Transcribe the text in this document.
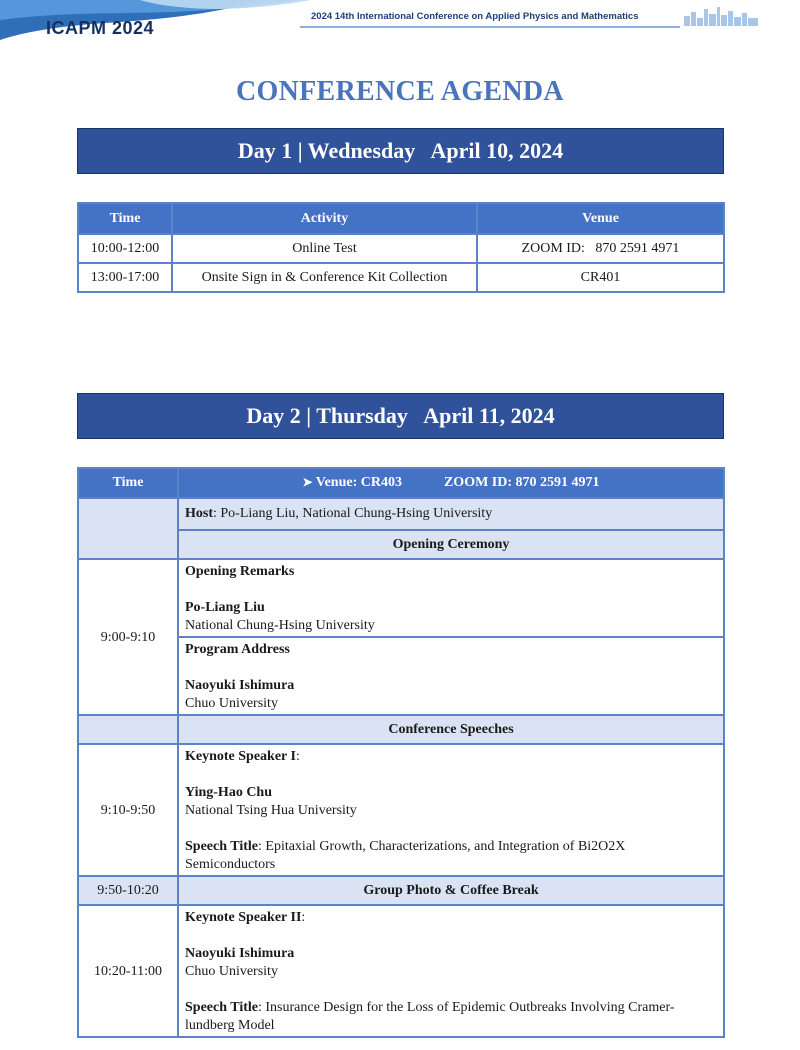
ICAPM 2024
2024 14th International Conference on Applied Physics and Mathematics
CONFERENCE AGENDA
Day 1 | Wednesday   April 10, 2024
Time	Activity	Venue
10:00-12:00	Online Test	ZOOM ID:   870 2591 4971
13:00-17:00	Onsite Sign in & Conference Kit Collection	CR401
Day 2 | Thursday   April 11, 2024
Time	➤ Venue: CR403            ZOOM ID: 870 2591 4971
	Host: Po-Liang Liu, National Chung-Hsing University
	Opening Ceremony
9:00-9:10	Opening Remarks
Po-Liang Liu
National Chung-Hsing University
	Program Address
Naoyuki Ishimura
Chuo University
	Conference Speeches
9:10-9:50	Keynote Speaker I:
Ying-Hao Chu
National Tsing Hua University
Speech Title: Epitaxial Growth, Characterizations, and Integration of Bi2O2X Semiconductors
9:50-10:20	Group Photo & Coffee Break
10:20-11:00	Keynote Speaker II:
Naoyuki Ishimura
Chuo University
Speech Title: Insurance Design for the Loss of Epidemic Outbreaks Involving Cramer-lundberg Model
